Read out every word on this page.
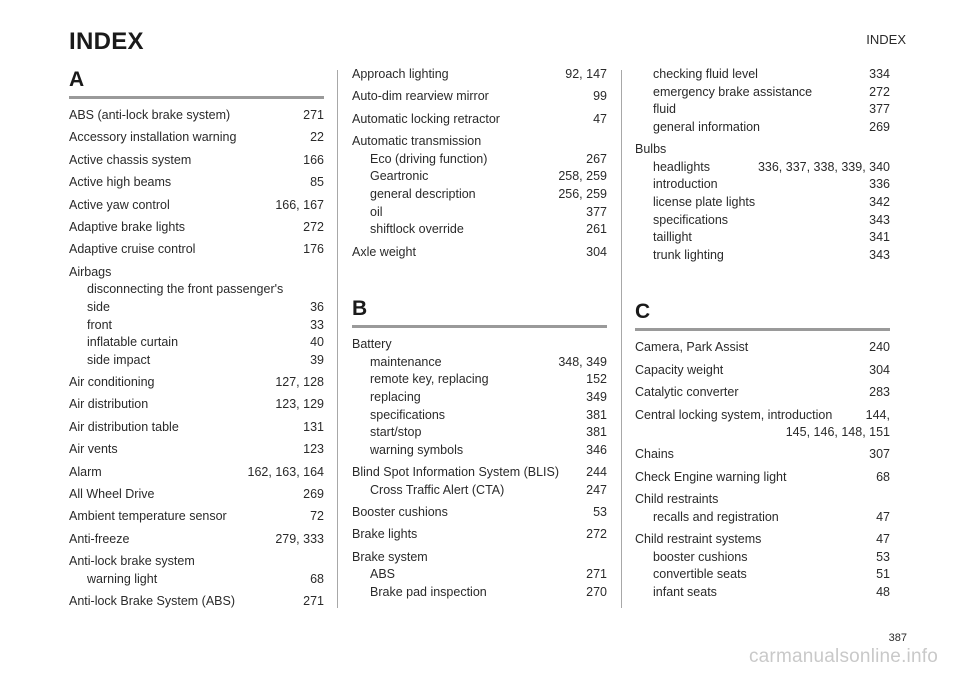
INDEX	INDEX
A
ABS (anti-lock brake system)	271
Accessory installation warning	22
Active chassis system	166
Active high beams	85
Active yaw control	166, 167
Adaptive brake lights	272
Adaptive cruise control	176
Airbags
disconnecting the front passenger's
side	36
front	33
inflatable curtain	40
side impact	39
Air conditioning	127, 128
Air distribution	123, 129
Air distribution table	131
Air vents	123
Alarm	162, 163, 164
All Wheel Drive	269
Ambient temperature sensor	72
Anti-freeze	279, 333
Anti-lock brake system
warning light	68
Anti-lock Brake System (ABS)	271
Approach lighting	92, 147
Auto-dim rearview mirror	99
Automatic locking retractor	47
Automatic transmission
Eco (driving function)	267
Geartronic	258, 259
general description	256, 259
oil	377
shiftlock override	261
Axle weight	304
B
Battery
maintenance	348, 349
remote key, replacing	152
replacing	349
specifications	381
start/stop	381
warning symbols	346
Blind Spot Information System (BLIS)	244
Cross Traffic Alert (CTA)	247
Booster cushions	53
Brake lights	272
Brake system
ABS	271
Brake pad inspection	270
checking fluid level	334
emergency brake assistance	272
fluid	377
general information	269
Bulbs
headlights	336, 337, 338, 339, 340
introduction	336
license plate lights	342
specifications	343
taillight	341
trunk lighting	343
C
Camera, Park Assist	240
Capacity weight	304
Catalytic converter	283
Central locking system, introduction	144,
145, 146, 148, 151
Chains	307
Check Engine warning light	68
Child restraints
recalls and registration	47
Child restraint systems	47
booster cushions	53
convertible seats	51
infant seats	48
387
carmanualsonline.info
